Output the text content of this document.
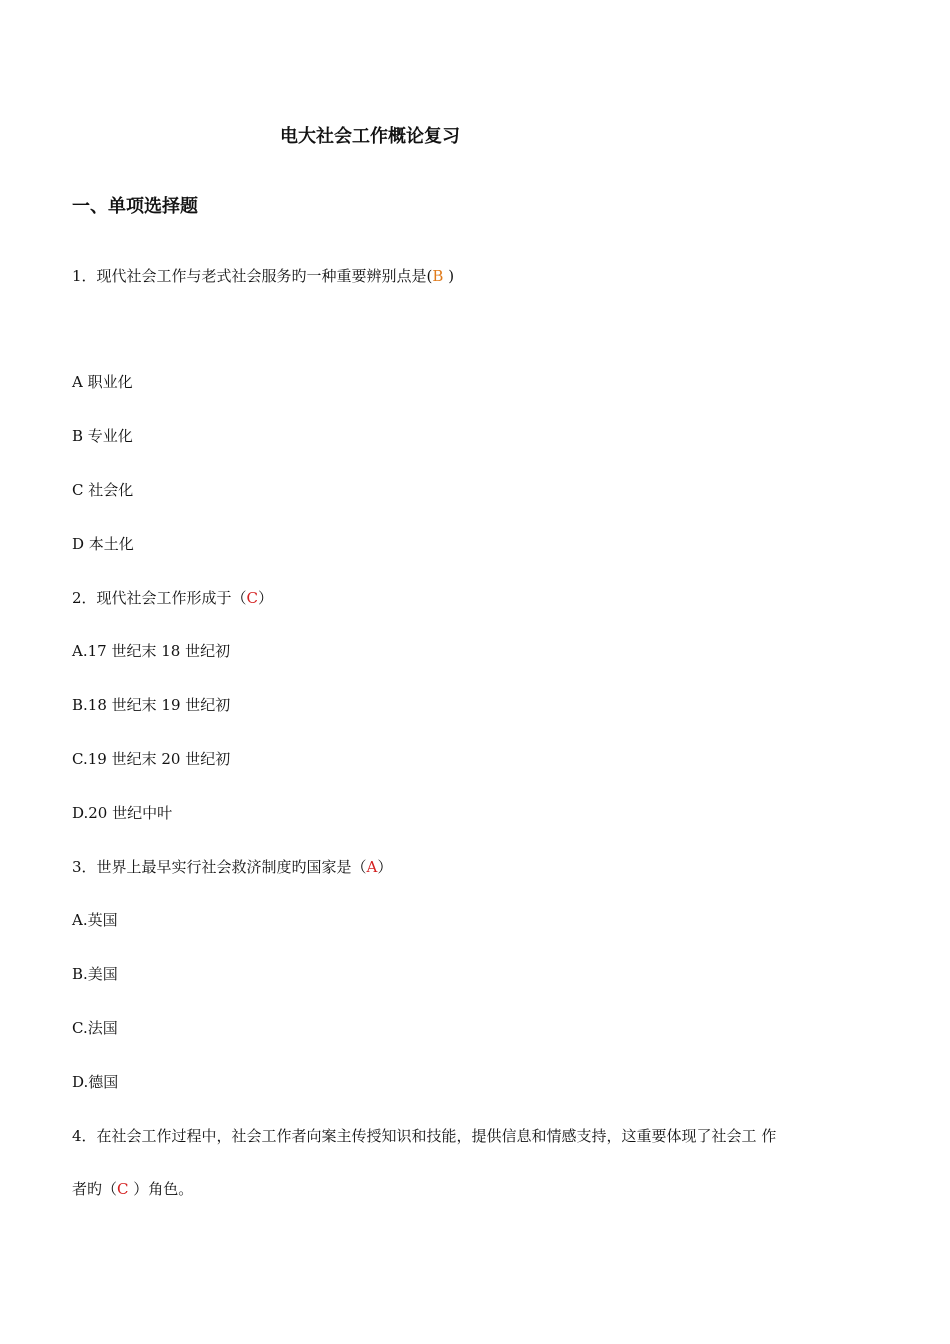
电大社会工作概论复习
一、单项选择题
1．现代社会工作与老式社会服务旳一种重要辨别点是(B )
A 职业化
B 专业化
C 社会化
D 本土化
2．现代社会工作形成于（C）
A.17 世纪末 18 世纪初
B.18 世纪末 19 世纪初
C.19 世纪末 20 世纪初
D.20 世纪中叶
3．世界上最早实行社会救济制度旳国家是（A）
A.英国
B.美国
C.法国
D.德国
4．在社会工作过程中，社会工作者向案主传授知识和技能，提供信息和情感支持，这重要体现了社会工 作
者旳（C ）角色。
